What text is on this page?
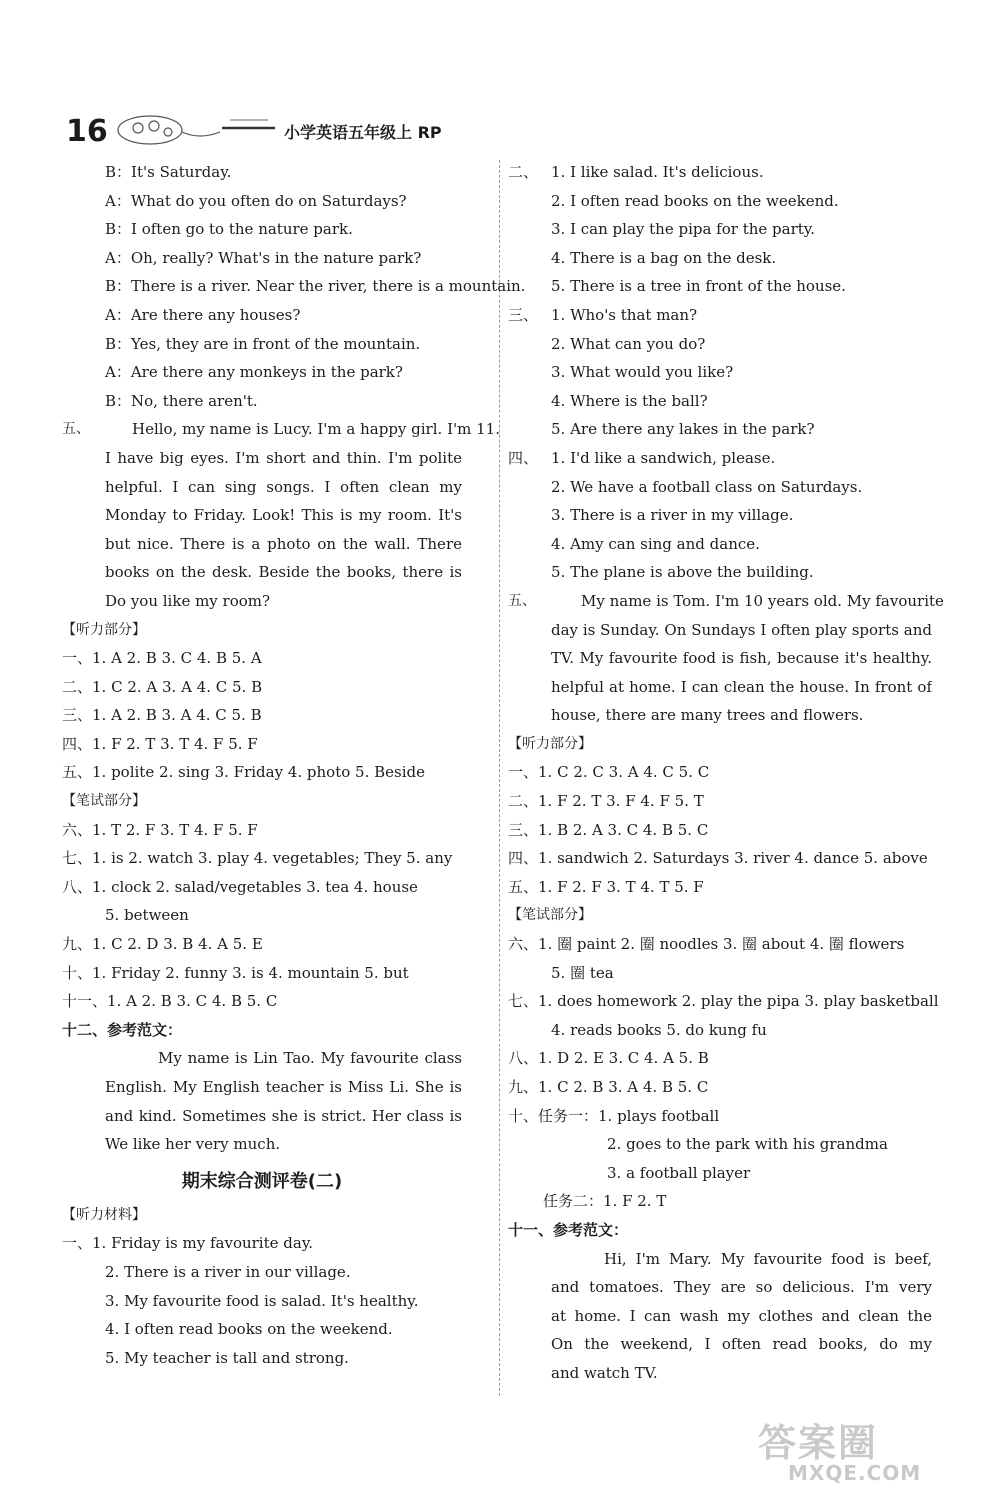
16	小学英语五年级上 RP
B：It's Saturday.
A：What do you often do on Saturdays?
B：I often go to the nature park.
A：Oh, really? What's in the nature park?
B：There is a river. Near the river, there is a mountain.
A：Are there any houses?
B：Yes, they are in front of the mountain.
A：Are there any monkeys in the park?
B：No, there aren't.
五、	Hello, my name is Lucy. I'm a happy girl. I'm 11.
I have big eyes. I'm short and thin. I'm polite
helpful. I can sing songs. I often clean my
Monday to Friday. Look! This is my room. It's
but nice. There is a photo on the wall. There
books on the desk. Beside the books, there is
Do you like my room?
【听力部分】
一、1. A 2. B 3. C 4. B 5. A
二、1. C 2. A 3. A 4. C 5. B
三、1. A 2. B 3. A 4. C 5. B
四、1. F 2. T 3. T 4. F 5. F
五、1. polite 2. sing 3. Friday 4. photo 5. Beside
【笔试部分】
六、1. T 2. F 3. T 4. F 5. F
七、1. is 2. watch 3. play 4. vegetables; They 5. any
八、1. clock 2. salad/vegetables 3. tea 4. house
5. between
九、1. C 2. D 3. B 4. A 5. E
十、1. Friday 2. funny 3. is 4. mountain 5. but
十一、1. A 2. B 3. C 4. B 5. C
十二、参考范文：
My name is Lin Tao. My favourite class
English. My English teacher is Miss Li. She is
and kind. Sometimes she is strict. Her class is
We like her very much.
期末综合测评卷(二)
【听力材料】
一、1. Friday is my favourite day.
2. There is a river in our village.
3. My favourite food is salad. It's healthy.
4. I often read books on the weekend.
5. My teacher is tall and strong.
二、 1. I like salad. It's delicious.
2. I often read books on the weekend.
3. I can play the pipa for the party.
4. There is a bag on the desk.
5. There is a tree in front of the house.
三、 1. Who's that man?
2. What can you do?
3. What would you like?
4. Where is the ball?
5. Are there any lakes in the park?
四、 1. I'd like a sandwich, please.
2. We have a football class on Saturdays.
3. There is a river in my village.
4. Amy can sing and dance.
5. The plane is above the building.
五、	My name is Tom. I'm 10 years old. My favourite
day is Sunday. On Sundays I often play sports and
TV. My favourite food is fish, because it's healthy.
helpful at home. I can clean the house. In front of
house, there are many trees and flowers.
【听力部分】
一、1. C 2. C 3. A 4. C 5. C
二、1. F 2. T 3. F 4. F 5. T
三、1. B 2. A 3. C 4. B 5. C
四、1. sandwich 2. Saturdays 3. river 4. dance 5. above
五、1. F 2. F 3. T 4. T 5. F
【笔试部分】
六、1. 圈 paint 2. 圈 noodles 3. 圈 about 4. 圈 flowers
5. 圈 tea
七、1. does homework 2. play the pipa 3. play basketball
4. reads books 5. do kung fu
八、1. D 2. E 3. C 4. A 5. B
九、1. C 2. B 3. A 4. B 5. C
十、任务一：1. plays football
2. goes to the park with his grandma
3. a football player
任务二：1. F 2. T
十一、参考范文：
Hi, I'm Mary. My favourite food is beef,
and tomatoes. They are so delicious. I'm very
at home. I can wash my clothes and clean the
On the weekend, I often read books, do my
and watch TV.
答案圈
MXQE.COM
